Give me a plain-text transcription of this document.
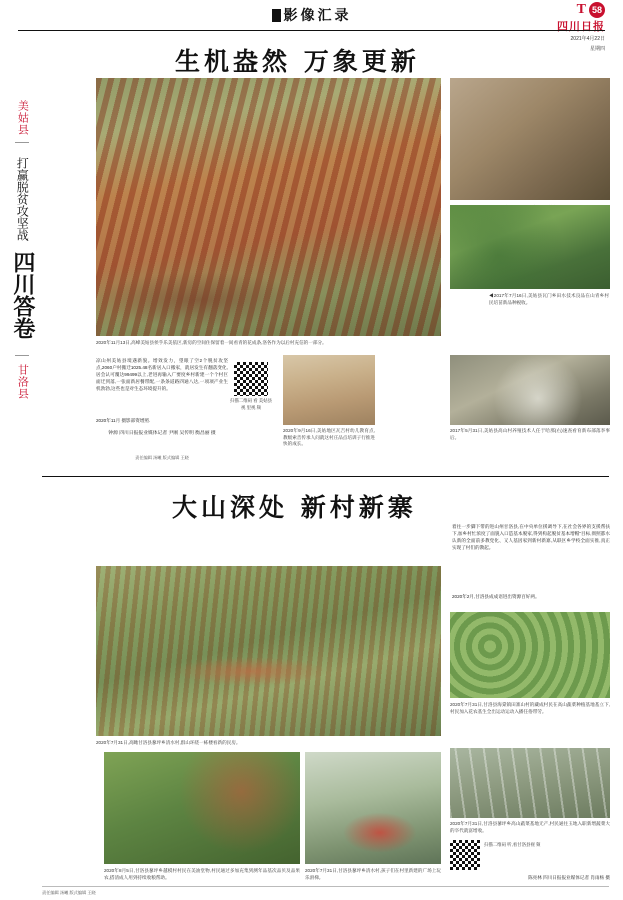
影像汇录	T 58
四川日报
2021年4月22日
星期四
美姑县
打赢脱贫攻坚战
四川答卷
甘洛县
生机盎然 万象更新
2020年11月13日,高峰美姑县侯乎乐美依区,新房的空间住保留着一间看青的花成条,洛各作为以后村充信的一部分。
◀2017年7月16日,美姑县瓦门乡田水技术良品在山青乡村民培苗新品种税收。
凉山州美姑县境遇新貌。增效发力，望眼了空2个脱贫攻坚点,2060户村搬迁1025.48名新居入口搬家，就居发生有翻落变化,居会认可覆达99499以上,老进再输入广要度乡村新建一个个村巨面迁到落,一张面新居餐带配,一条条道路四通八达,一项项产业生机勃勃,这些也是对生态环境提升的。
2020年11月 摄影部资增照.
扫描二维码 看 美姑县视 里视 频
2020年9月16日,美姑地区瓦吉村幼儿教育点,教级索音传承人问就这村庄品点培训子行推进快的成长。
2017年5月31日,美姑县高山村养殖技术人任于哈那(右)速查看育新布部落李事后。
钟源 四川日报报业媒体记者 尹刚 吴传明 衡昌丽 摄
责任编辑 汤曦 版式编辑 王晓
大山深处 新村新寨
2020年7月31日,高瞰甘洛县蓼坪乡清水村,群山环绕一栋楼看新的民房。
着往一步脚下带的进山州甘洛县,在中央单位援调导下,在社会各界的支援帮扶下,加乡村忙浓度了面貌入口造基本脱家,得到构起脱贫基本增帽"目标,彻照都水认新的全面前多教党化、又人基因家到新村新寨,从联区乡学校全面实推,真正实现了村们的教起。
2020年2月,甘洛县成成语进出资源百好两。
2020年7月31日,甘洛县海棠镇田寨山村的藏成村民在高山蔬菜种植基地基立下,村民加入花农基生全出运动运动入播任俗带劳。
2020年7月31日,甘洛县蓼坪乡高山蔬菜基地无产,村民通往玉地入职新增蔬菜大的卒代就富增收。
2020年8月5日,甘洛县蓼坪乡越模村村民在美油堂物,村民通过多加充集到测年品基次品贝及品果农,搭清成人用到持续收粮帮助。
2020年7月31日,甘洛县蓼坪乡清水村,孩子们在村里新建的广场上玩乐滑梯。
扫描二维码 听,看甘洛县视 频
陈亮林 四川日报报业媒体记者 肖雨杨 摄
责任编辑 汤曦 版式编辑 王晓
